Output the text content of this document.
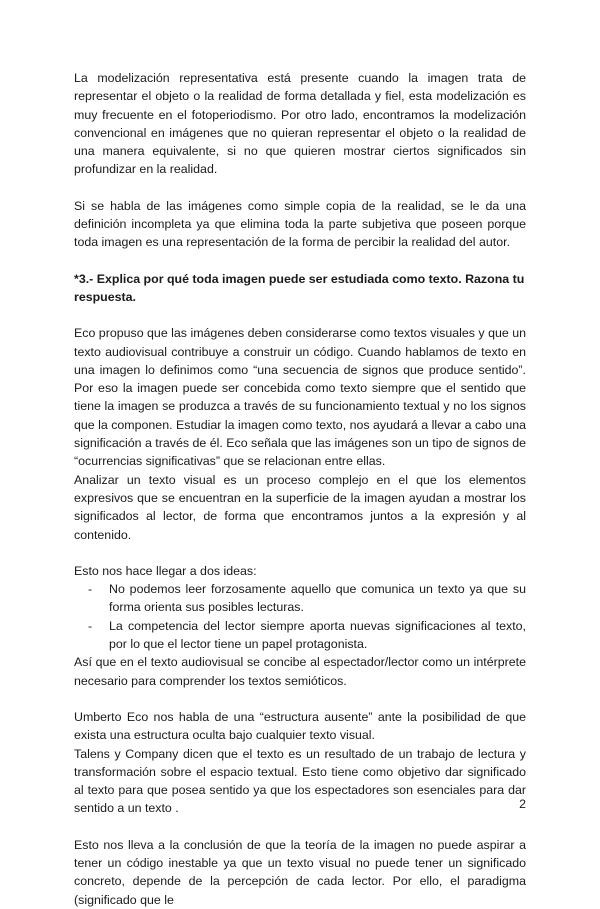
La modelización representativa está presente cuando la imagen trata de representar el objeto o la realidad de forma detallada y fiel, esta modelización es muy frecuente en el fotoperiodismo. Por otro lado, encontramos la modelización convencional en imágenes que no quieran representar el objeto o la realidad de una manera equivalente, si no que quieren mostrar ciertos significados sin profundizar en la realidad.

Si se habla de las imágenes como simple copia de la realidad, se le da una definición incompleta ya que elimina toda la parte subjetiva que poseen porque toda imagen es una representación de la forma de percibir la realidad del autor.

*3.- Explica por qué toda imagen puede ser estudiada como texto. Razona tu respuesta.

Eco propuso que las imágenes deben considerarse como textos visuales y que un texto audiovisual contribuye a construir un código. Cuando hablamos de texto en una imagen lo definimos como “una secuencia de signos que produce sentido”. Por eso la imagen puede ser concebida como texto siempre que el sentido que tiene la imagen se produzca a través de su funcionamiento textual y no los signos que la componen. Estudiar la imagen como texto, nos ayudará a llevar a cabo una significación a través de él. Eco señala que las imágenes son un tipo de signos de “ocurrencias significativas” que se relacionan entre ellas.

Analizar un texto visual es un proceso complejo en el que los elementos expresivos que se encuentran en la superficie de la imagen ayudan a mostrar los significados al lector, de forma que encontramos juntos a la expresión y al contenido.

Esto nos hace llegar a dos ideas:

- No podemos leer forzosamente aquello que comunica un texto ya que su forma orienta sus posibles lecturas.
- La competencia del lector siempre aporta nuevas significaciones al texto, por lo que el lector tiene un papel protagonista.

Así que en el texto audiovisual se concibe al espectador/lector como un intérprete necesario para comprender los textos semióticos.

Umberto Eco nos habla de una “estructura ausente” ante la posibilidad de que exista una estructura oculta bajo cualquier texto visual.

Talens y Company dicen que el texto es un resultado de un trabajo de lectura y transformación sobre el espacio textual. Esto tiene como objetivo dar significado al texto para que posea sentido ya que los espectadores son esenciales para dar sentido a un texto .

Esto nos lleva a la conclusión de que la teoría de la imagen no puede aspirar a tener un código inestable ya que un texto visual no puede tener un significado concreto, depende de la percepción de cada lector. Por ello, el paradigma (significado que le

2
